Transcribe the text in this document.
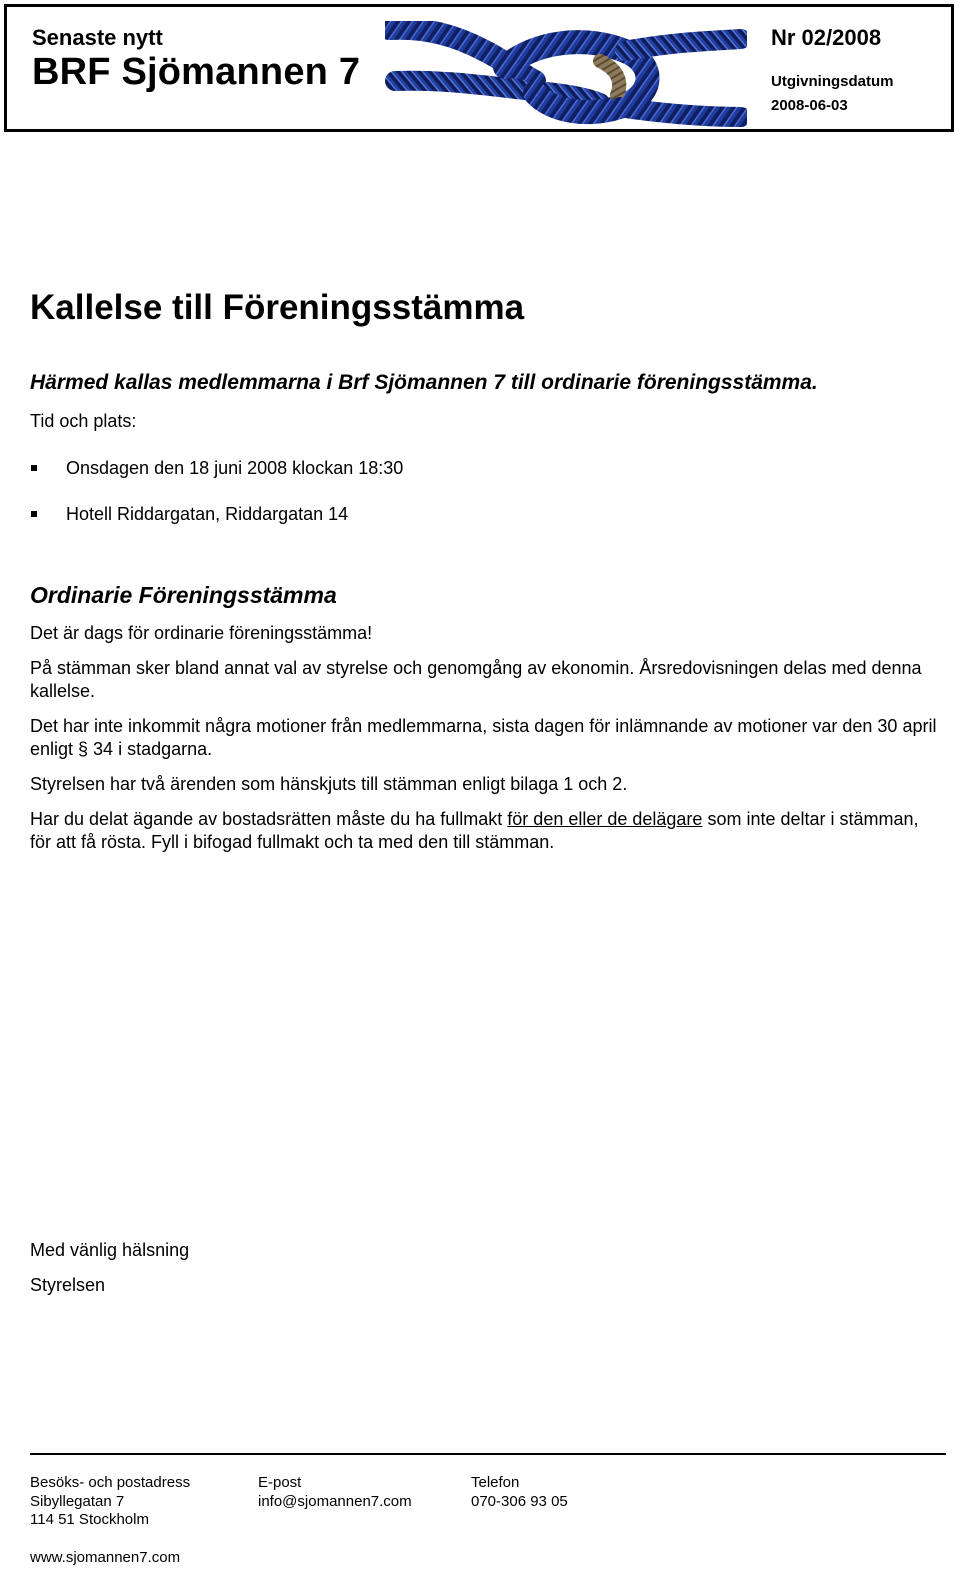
Senaste nytt
BRF Sjömannen 7
Nr 02/2008
Utgivningsdatum
2008-06-03
Kallelse till Föreningsstämma

Härmed kallas medlemmarna i Brf Sjömannen 7 till ordinarie föreningsstämma.

Tid och plats:

Onsdagen den 18 juni 2008 klockan 18:30
Hotell Riddargatan, Riddargatan 14
Ordinarie Föreningsstämma

Det är dags för ordinarie föreningsstämma!

På stämman sker bland annat val av styrelse och genomgång av ekonomin. Årsredovisningen delas med denna kallelse.

Det har inte inkommit några motioner från medlemmarna, sista dagen för inlämnande av motioner var den 30 april enligt § 34 i stadgarna.

Styrelsen har två ärenden som hänskjuts till stämman enligt bilaga 1 och 2.

Har du delat ägande av bostadsrätten måste du ha fullmakt för den eller de delägare som inte deltar i stämman, för att få rösta. Fyll i bifogad fullmakt och ta med den till stämman.

Med vänlig hälsning

Styrelsen

Besöks- och postadress
Sibyllegatan 7
114 51 Stockholm
E-post
info@sjomannen7.com
Telefon
070-306 93 05
www.sjomannen7.com
